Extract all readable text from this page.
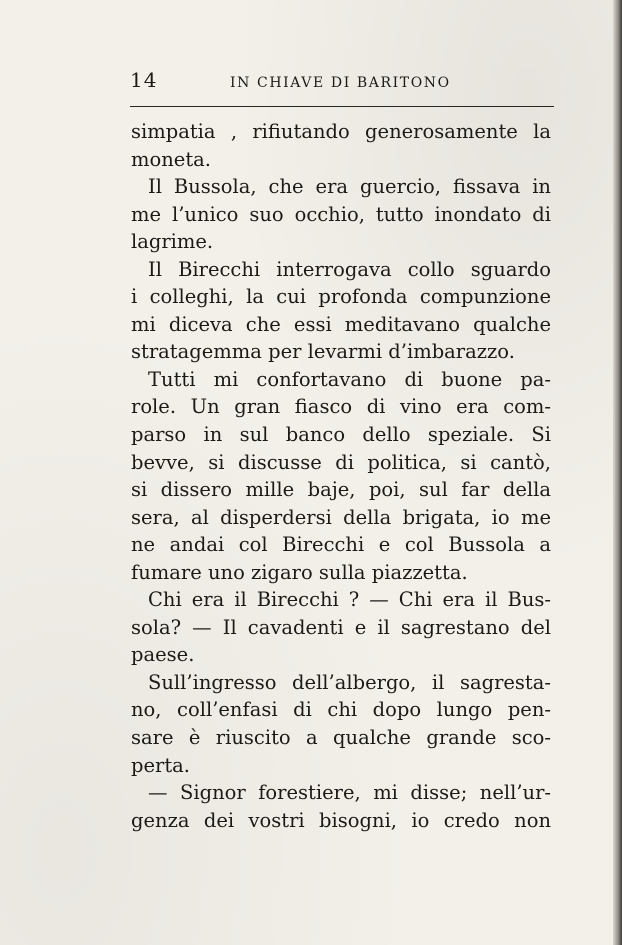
14	IN CHIAVE DI BARITONO
simpatia , rifiutando generosamente la
moneta.
Il Bussola, che era guercio, fissava in
me l’unico suo occhio, tutto inondato di
lagrime.
Il Birecchi interrogava collo sguardo
i colleghi, la cui profonda compunzione
mi diceva che essi meditavano qualche
stratagemma per levarmi d’imbarazzo.
Tutti mi confortavano di buone pa-
role. Un gran fiasco di vino era com-
parso in sul banco dello speziale. Si
bevve, si discusse di politica, si cantò,
si dissero mille baje, poi, sul far della
sera, al disperdersi della brigata, io me
ne andai col Birecchi e col Bussola a
fumare uno zigaro sulla piazzetta.
Chi era il Birecchi ? — Chi era il Bus-
sola? — Il cavadenti e il sagrestano del
paese.
Sull’ingresso dell’albergo, il sagresta-
no, coll’enfasi di chi dopo lungo pen-
sare è riuscito a qualche grande sco-
perta.
— Signor forestiere, mi disse; nell’ur-
genza dei vostri bisogni, io credo non
